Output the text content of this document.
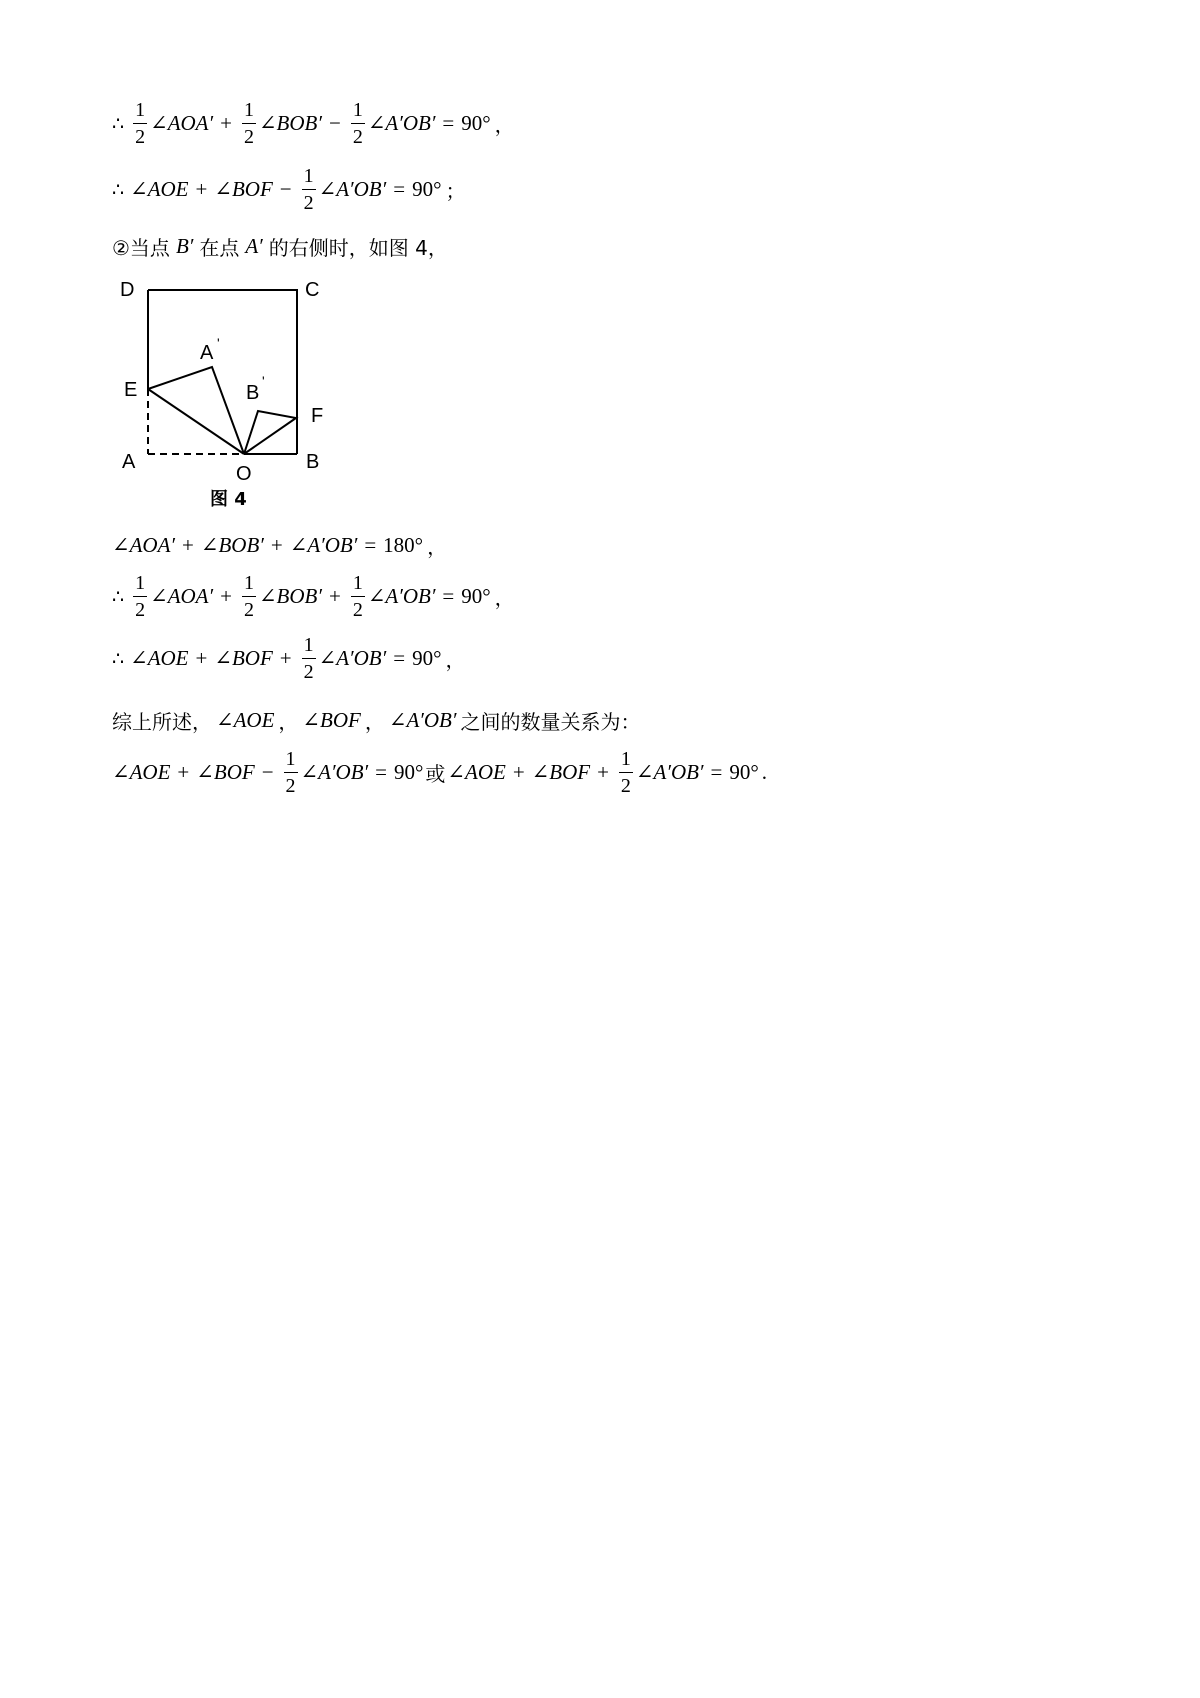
∴ $\frac{1}{2}$ ∠AOA′ + $\frac{1}{2}$ ∠BOB′ − $\frac{1}{2}$ ∠A′OB′ = 90° ，
∴ ∠AOE + ∠BOF − $\frac{1}{2}$ ∠A′OB′ = 90° ；
②当点 B′ 在点 A′ 的右侧时，如图 4，
D	C
A '
E	B
'
F
A
O
B
图 4
∠AOA′ + ∠BOB′ + ∠A′OB′ = 180° ，
∴ $\frac{1}{2}$ ∠AOA′ + $\frac{1}{2}$ ∠BOB′ + $\frac{1}{2}$ ∠A′OB′ = 90° ，
∴ ∠AOE + ∠BOF + $\frac{1}{2}$ ∠A′OB′ = 90° ，
综上所述， ∠AOE ， ∠BOF ， ∠A′OB′ 之间的数量关系为：
∠AOE + ∠BOF − $\frac{1}{2}$ ∠A′OB′ = 90° 或 ∠AOE + ∠BOF + $\frac{1}{2}$ ∠A′OB′ = 90° .
